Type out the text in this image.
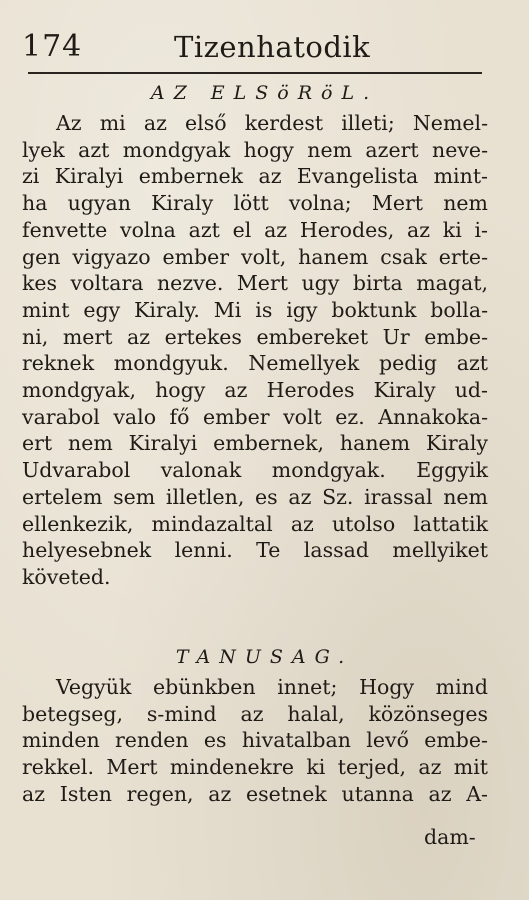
174	Tizenhatodik
AZ ELSöRöL.
Az mi az első kerdest illeti; Nemel-
lyek azt mondgyak hogy nem azert neve-
zi Kiralyi embernek az Evangelista mint-
ha ugyan Kiraly lött volna; Mert nem
fenvette volna azt el az Herodes, az ki i-
gen vigyazo ember volt, hanem csak erte-
kes voltara nezve. Mert ugy birta magat,
mint egy Kiraly. Mi is igy boktunk bolla-
ni, mert az ertekes embereket Ur embe-
reknek mondgyuk. Nemellyek pedig azt
mondgyak, hogy az Herodes Kiraly ud-
varabol valo fő ember volt ez. Annakoka-
ert nem Kiralyi embernek, hanem Kiraly
Udvarabol valonak mondgyak. Eggyik
ertelem sem illetlen, es az Sz. irassal nem
ellenkezik, mindazaltal az utolso lattatik
helyesebnek lenni. Te lassad mellyiket
követed.
TANUSAG.
Vegyük ebünkben innet; Hogy mind
betegseg, s-mind az halal, közönseges
minden renden es hivatalban levő embe-
rekkel. Mert mindenekre ki terjed, az mit
az Isten regen, az esetnek utanna az A-
dam-
